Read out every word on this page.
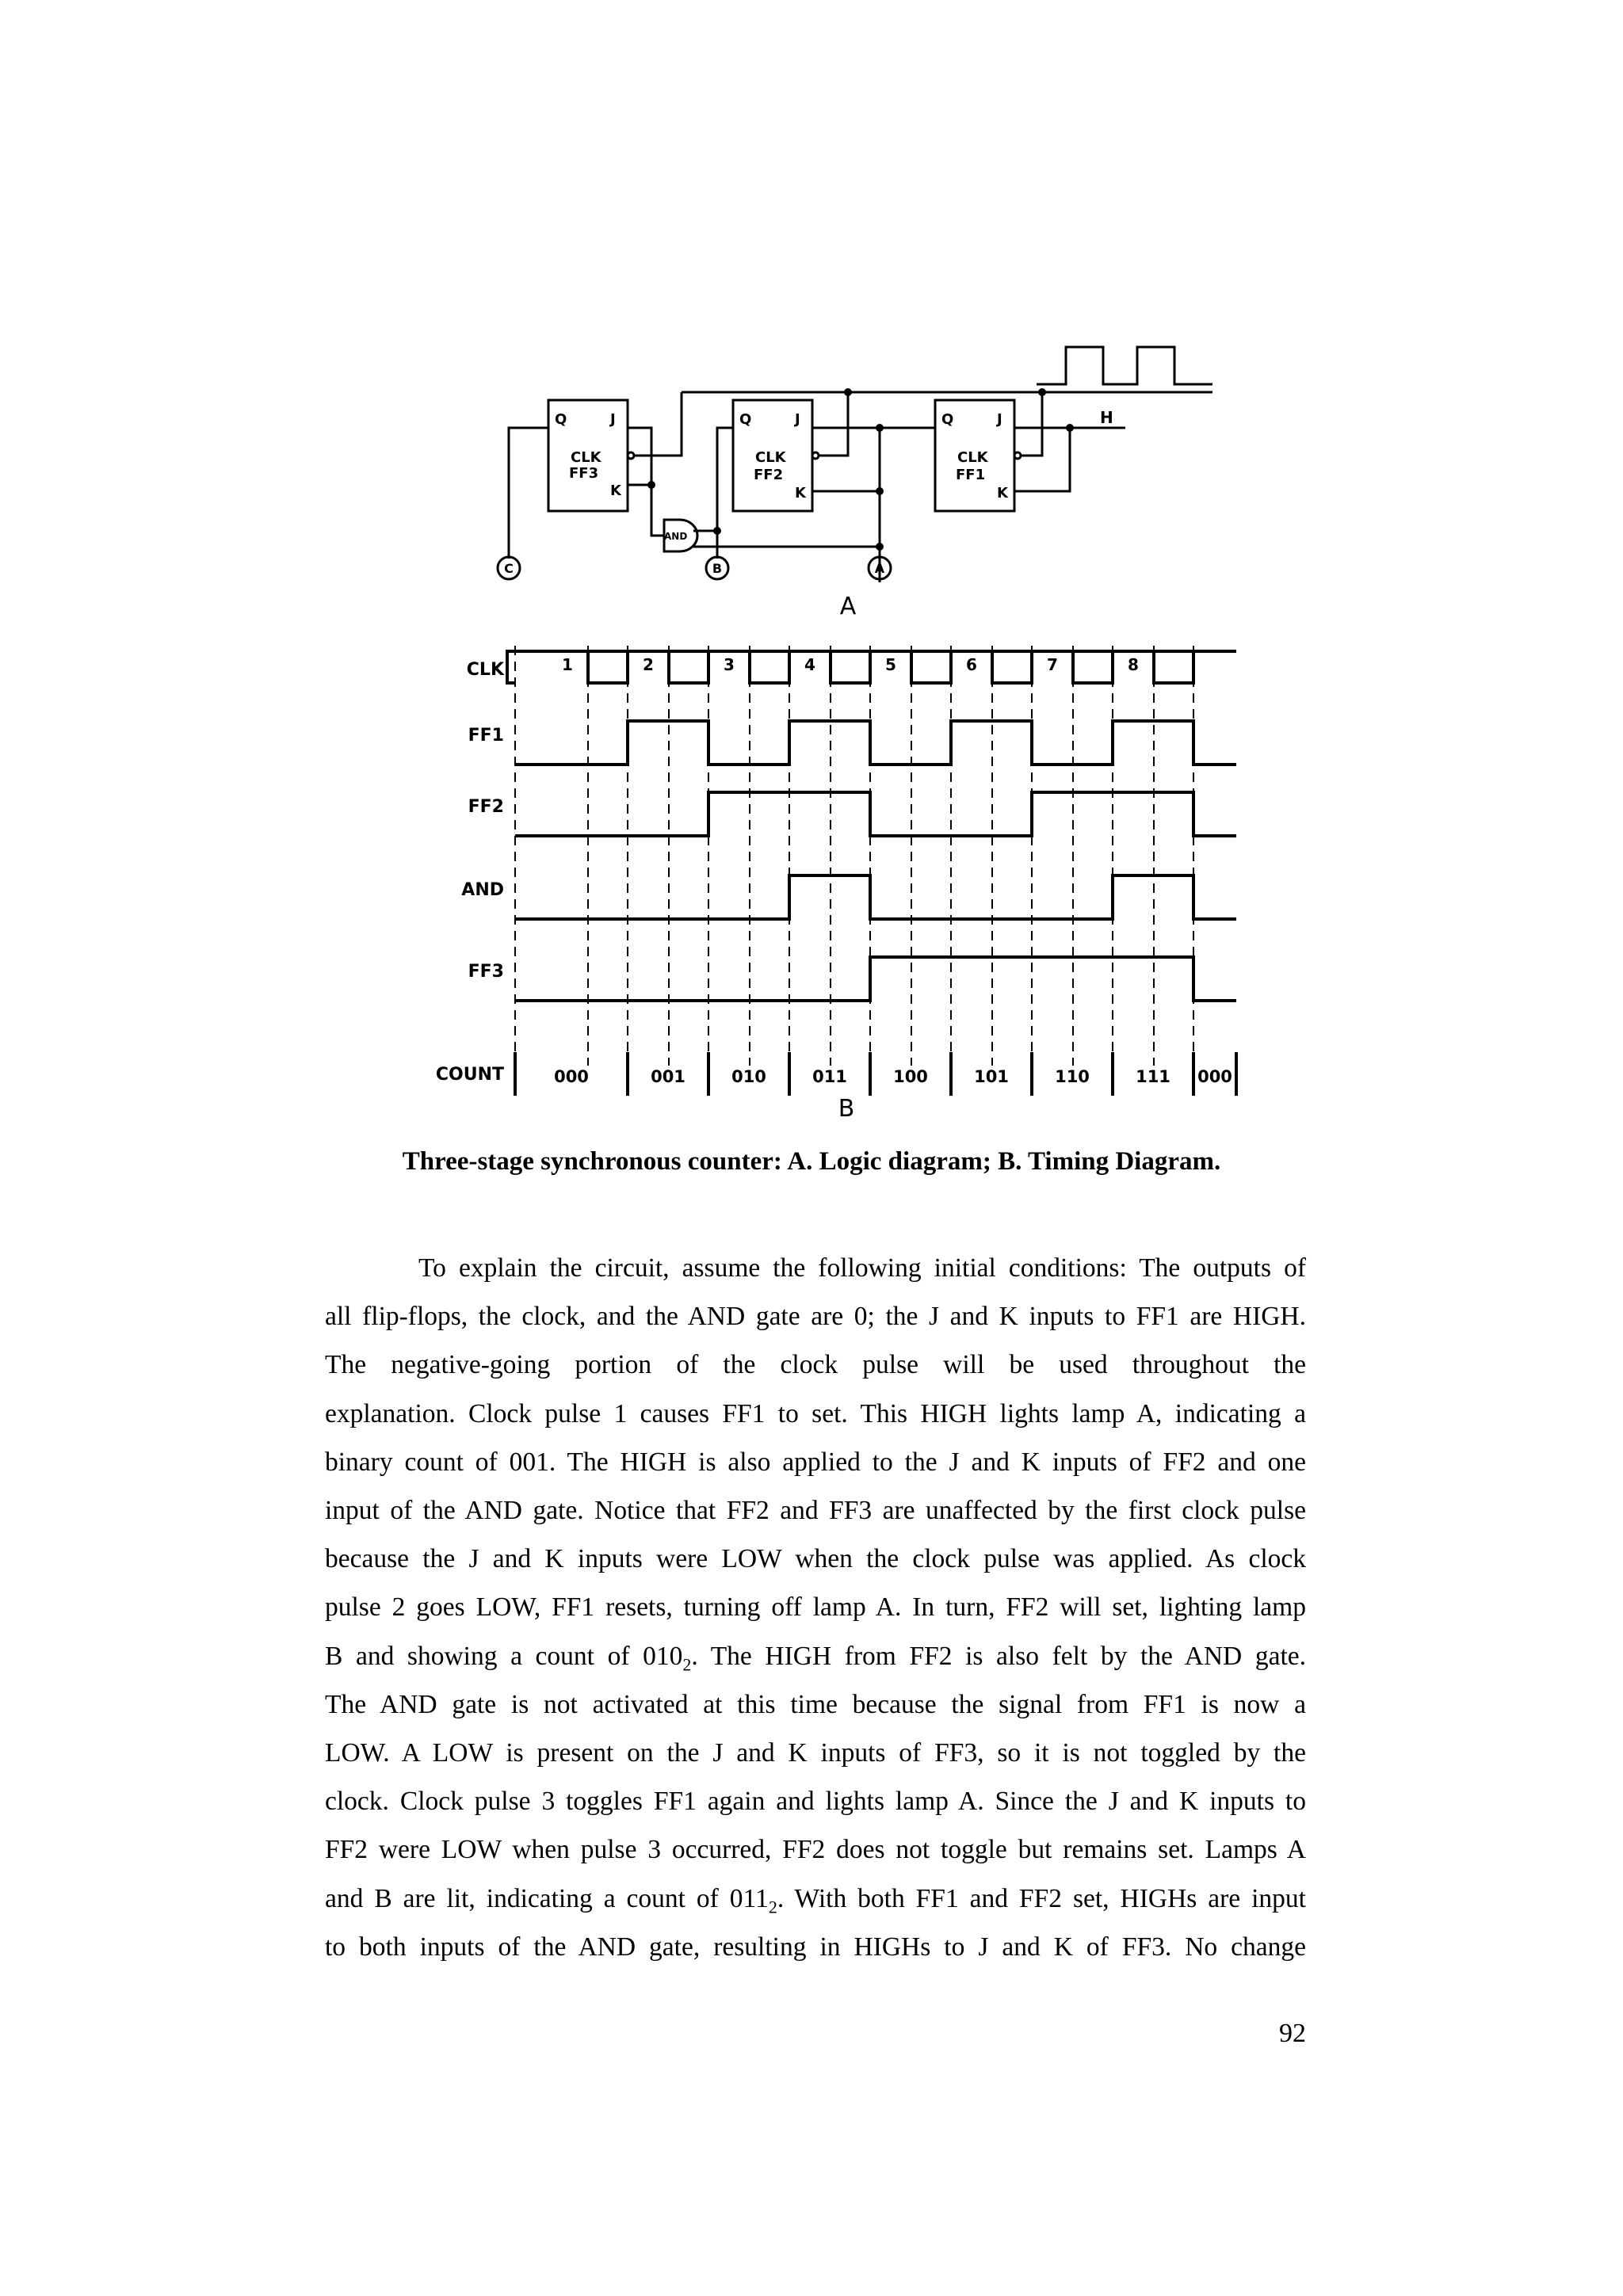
Q	J
CLK
FF3
K
Q	J
CLK
FF2
K
Q	J
CLK
FF1
K
AND
H
C	B	A
A
CLK
FF1
FF2
AND
FF3
COUNT
1	2	3	4	5	6	7	8
000	001	010	011	100	101	110	111 000
B
Three-stage synchronous counter: A. Logic diagram; B. Timing Diagram.
To explain the circuit, assume the following initial conditions: The outputs of
all flip-flops, the clock, and the AND gate are 0; the J and K inputs to FF1 are HIGH.
The negative-going portion of the clock pulse will be used throughout the
explanation. Clock pulse 1 causes FF1 to set. This HIGH lights lamp A, indicating a
binary count of 001. The HIGH is also applied to the J and K inputs of FF2 and one
input of the AND gate. Notice that FF2 and FF3 are unaffected by the first clock pulse
because the J and K inputs were LOW when the clock pulse was applied. As clock
pulse 2 goes LOW, FF1 resets, turning off lamp A. In turn, FF2 will set, lighting lamp
B and showing a count of $010_2$. The HIGH from FF2 is also felt by the AND gate.
The AND gate is not activated at this time because the signal from FF1 is now a
LOW. A LOW is present on the J and K inputs of FF3, so it is not toggled by the
clock. Clock pulse 3 toggles FF1 again and lights lamp A. Since the J and K inputs to
FF2 were LOW when pulse 3 occurred, FF2 does not toggle but remains set. Lamps A
and B are lit, indicating a count of $011_2$. With both FF1 and FF2 set, HIGHs are input
to both inputs of the AND gate, resulting in HIGHs to J and K of FF3. No change
92
